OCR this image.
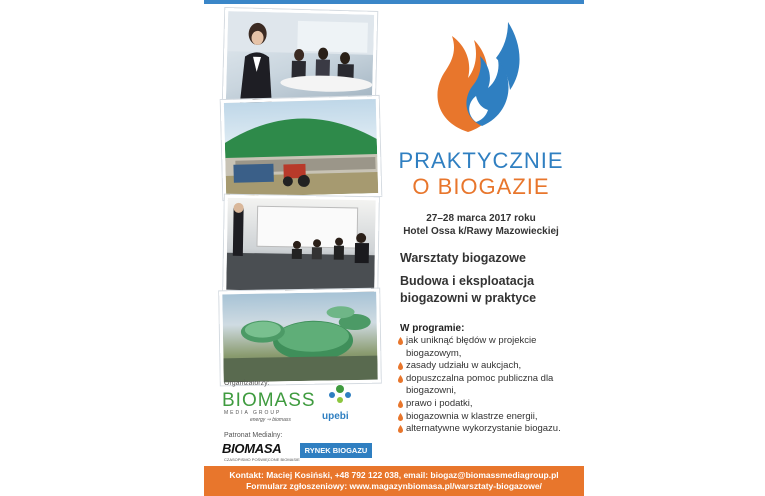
PRAKTYCZNIE
O BIOGAZIE
27–28 marca 2017 roku
Hotel Ossa k/Rawy Mazowieckiej
Warsztaty biogazowe
Budowa i eksploatacja biogazowni w praktyce
W programie:
jak uniknąć błędów w projekcie biogazowym,
zasady udziału w aukcjach,
dopuszczalna pomoc publiczna dla biogazowni,
prawo i podatki,
biogazownia w klastrze energii,
alternatywne wykorzystanie biogazu.
Organizatorzy:
BIOMASS
MEDIA GROUP
energy ⇒ biomass	upebi
Patronat Medialny:
BIOMASA
CZASOPISMO POŚWIĘCONE BIOMASIE
RYNEK BIOGAZU
Kontakt: Maciej Kosiński, +48 792 122 038, email: biogaz@biomassmediagroup.pl
Formularz zgłoszeniowy: www.magazynbiomasa.pl/warsztaty-biogazowe/
